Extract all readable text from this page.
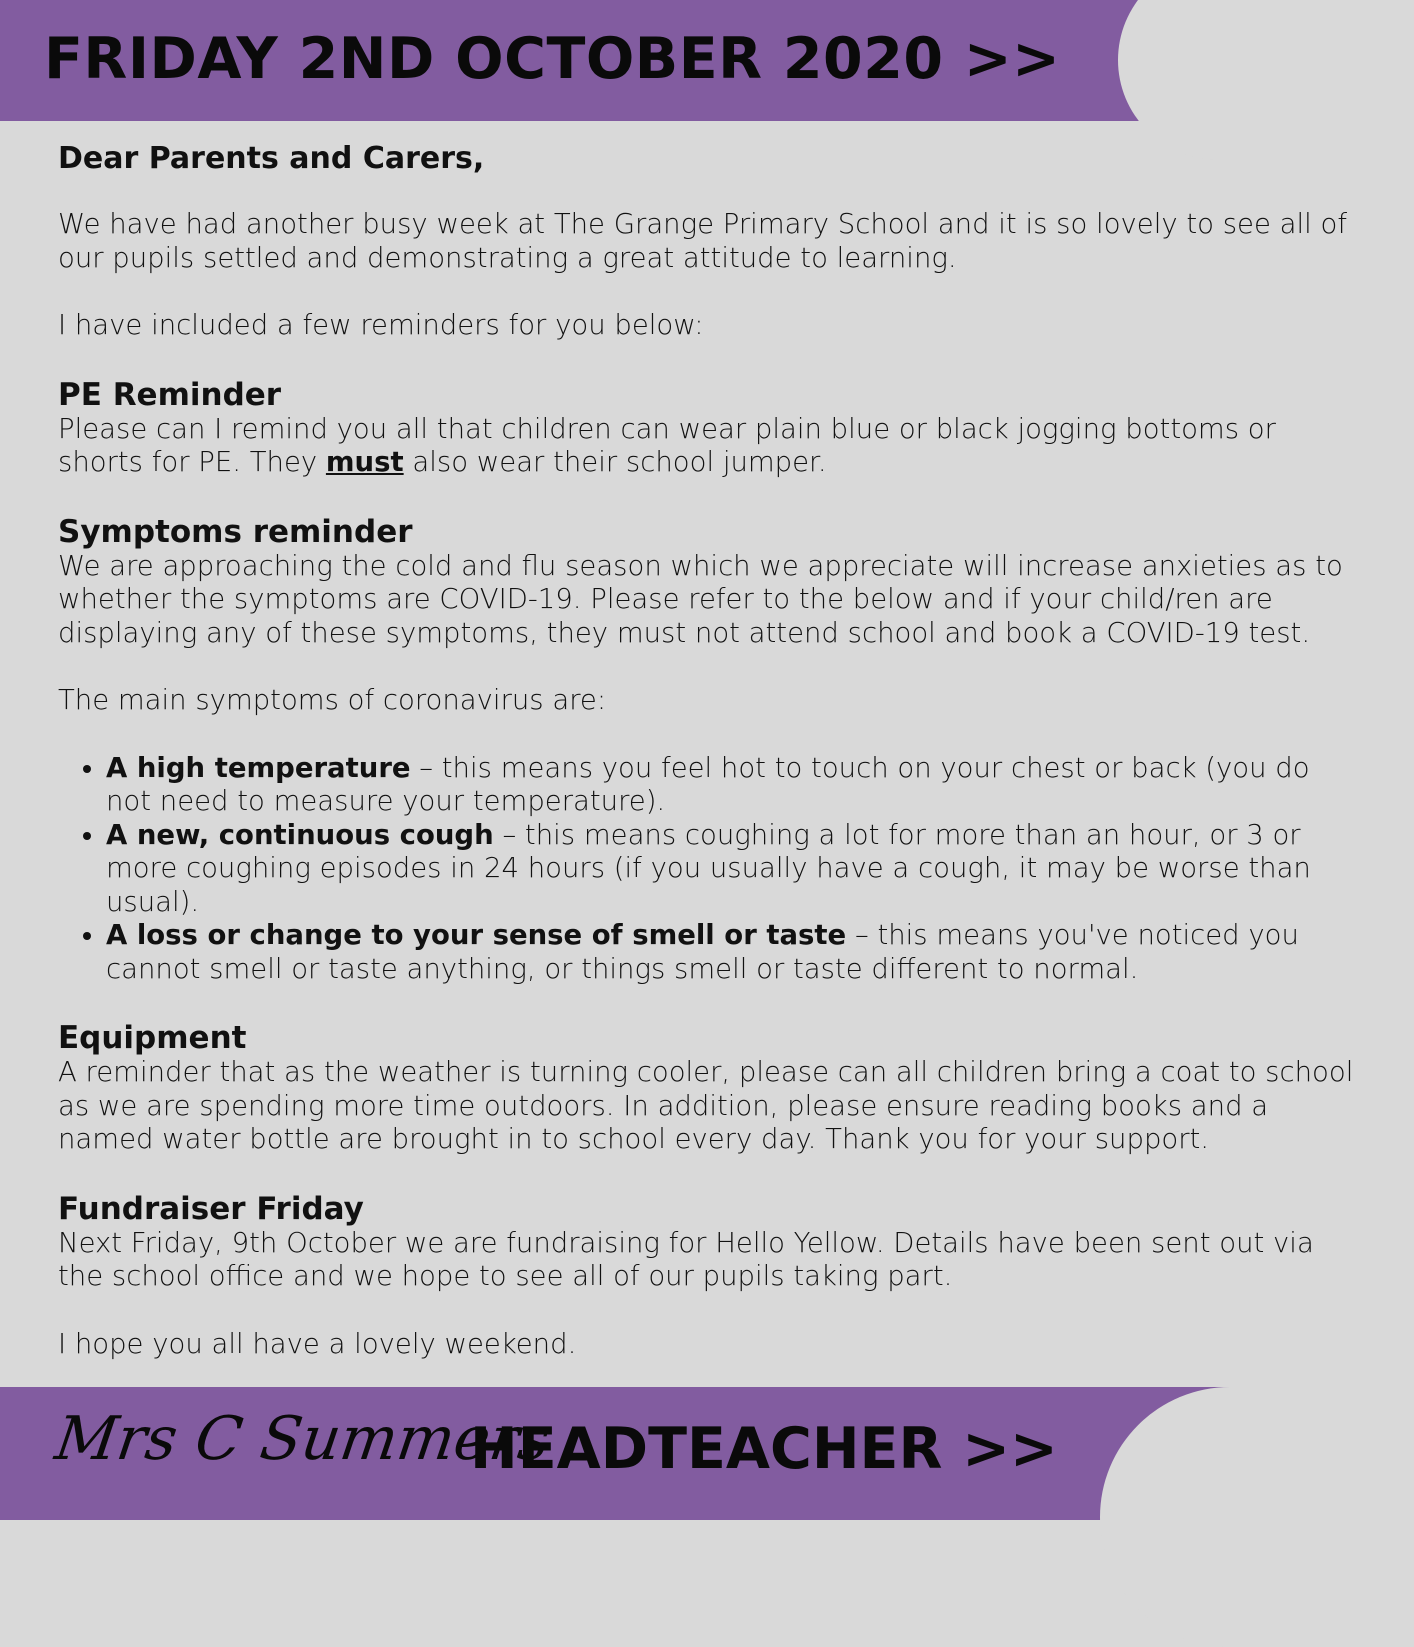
FRIDAY 2ND OCTOBER 2020 >>

Dear Parents and Carers,

We have had another busy week at The Grange Primary School and it is so lovely to see all of our pupils settled and demonstrating a great attitude to learning.

I have included a few reminders for you below:

PE Reminder

Please can I remind you all that children can wear plain blue or black jogging bottoms or shorts for PE. They must also wear their school jumper.

Symptoms reminder

We are approaching the cold and flu season which we appreciate will increase anxieties as to whether the symptoms are COVID-19. Please refer to the below and if your child/ren are displaying any of these symptoms, they must not attend school and book a COVID-19 test.

The main symptoms of coronavirus are:

• A high temperature – this means you feel hot to touch on your chest or back (you do not need to measure your temperature).
• A new, continuous cough – this means coughing a lot for more than an hour, or 3 or more coughing episodes in 24 hours (if you usually have a cough, it may be worse than usual).
• A loss or change to your sense of smell or taste – this means you've noticed you cannot smell or taste anything, or things smell or taste different to normal.

Equipment

A reminder that as the weather is turning cooler, please can all children bring a coat to school as we are spending more time outdoors. In addition, please ensure reading books and a named water bottle are brought in to school every day. Thank you for your support.

Fundraiser Friday

Next Friday, 9th October we are fundraising for Hello Yellow. Details have been sent out via the school office and we hope to see all of our pupils taking part.

I hope you all have a lovely weekend.

Mrs C Summers

HEADTEACHER >>
